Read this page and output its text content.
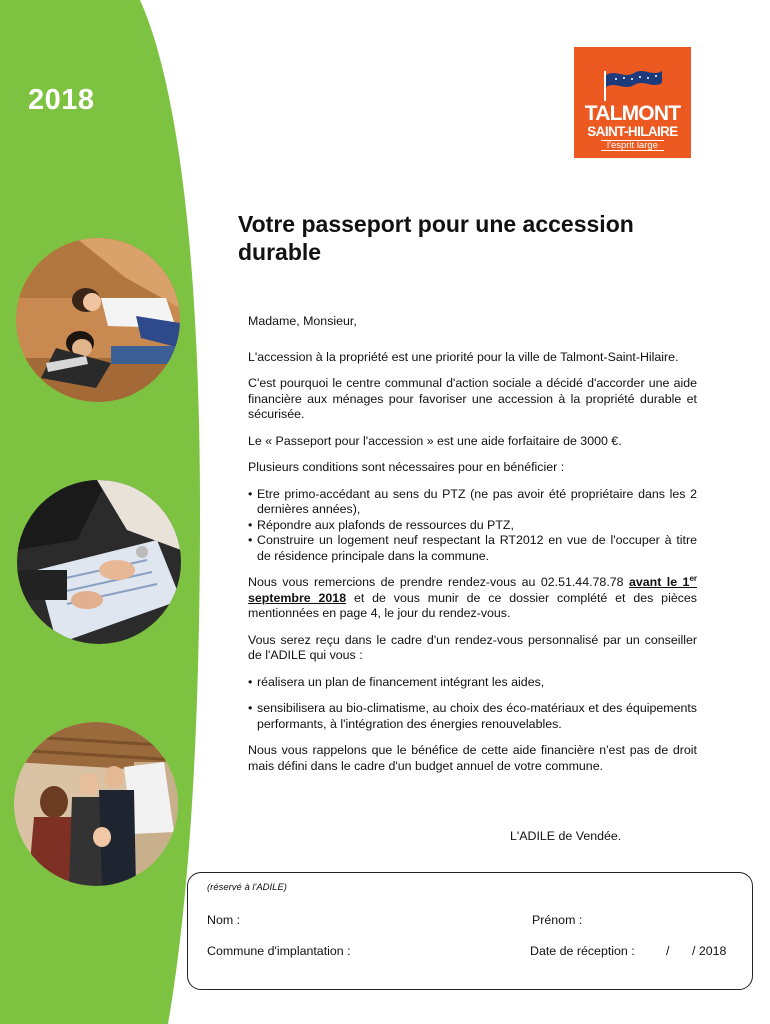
2018	TALMONT
SAINT-HILAIRE
l'esprit large
Votre passeport pour une accession durable

Madame, Monsieur,

L'accession à la propriété est une priorité pour la ville de Talmont-Saint-Hilaire.

C'est pourquoi le centre communal d'action sociale a décidé d'accorder une aide financière aux ménages pour favoriser une accession à la propriété durable et sécurisée.

Le « Passeport pour l'accession » est une aide forfaitaire de 3000 €.

Plusieurs conditions sont nécessaires pour en bénéficier :

• Etre primo-accédant au sens du PTZ (ne pas avoir été propriétaire dans les 2 dernières années),
• Répondre aux plafonds de ressources du PTZ,
• Construire un logement neuf respectant la RT2012 en vue de l'occuper à titre de résidence principale dans la commune.

Nous vous remercions de prendre rendez-vous au 02.51.44.78.78 avant le 1er septembre 2018 et de vous munir de ce dossier complété et des pièces mentionnées en page 4, le jour du rendez-vous.

Vous serez reçu dans le cadre d'un rendez-vous personnalisé par un conseiller de l'ADILE qui vous :

• réalisera un plan de financement intégrant les aides,
• sensibilisera au bio-climatisme, au choix des éco-matériaux et des équipements performants, à l'intégration des énergies renouvelables.

Nous vous rappelons que le bénéfice de cette aide financière n'est pas de droit mais défini dans le cadre d'un budget annuel de votre commune.

L'ADILE de Vendée.
(réservé à l'ADILE)
Nom :	Prénom :
Commune d'implantation :	Date de réception :	/ / 2018
